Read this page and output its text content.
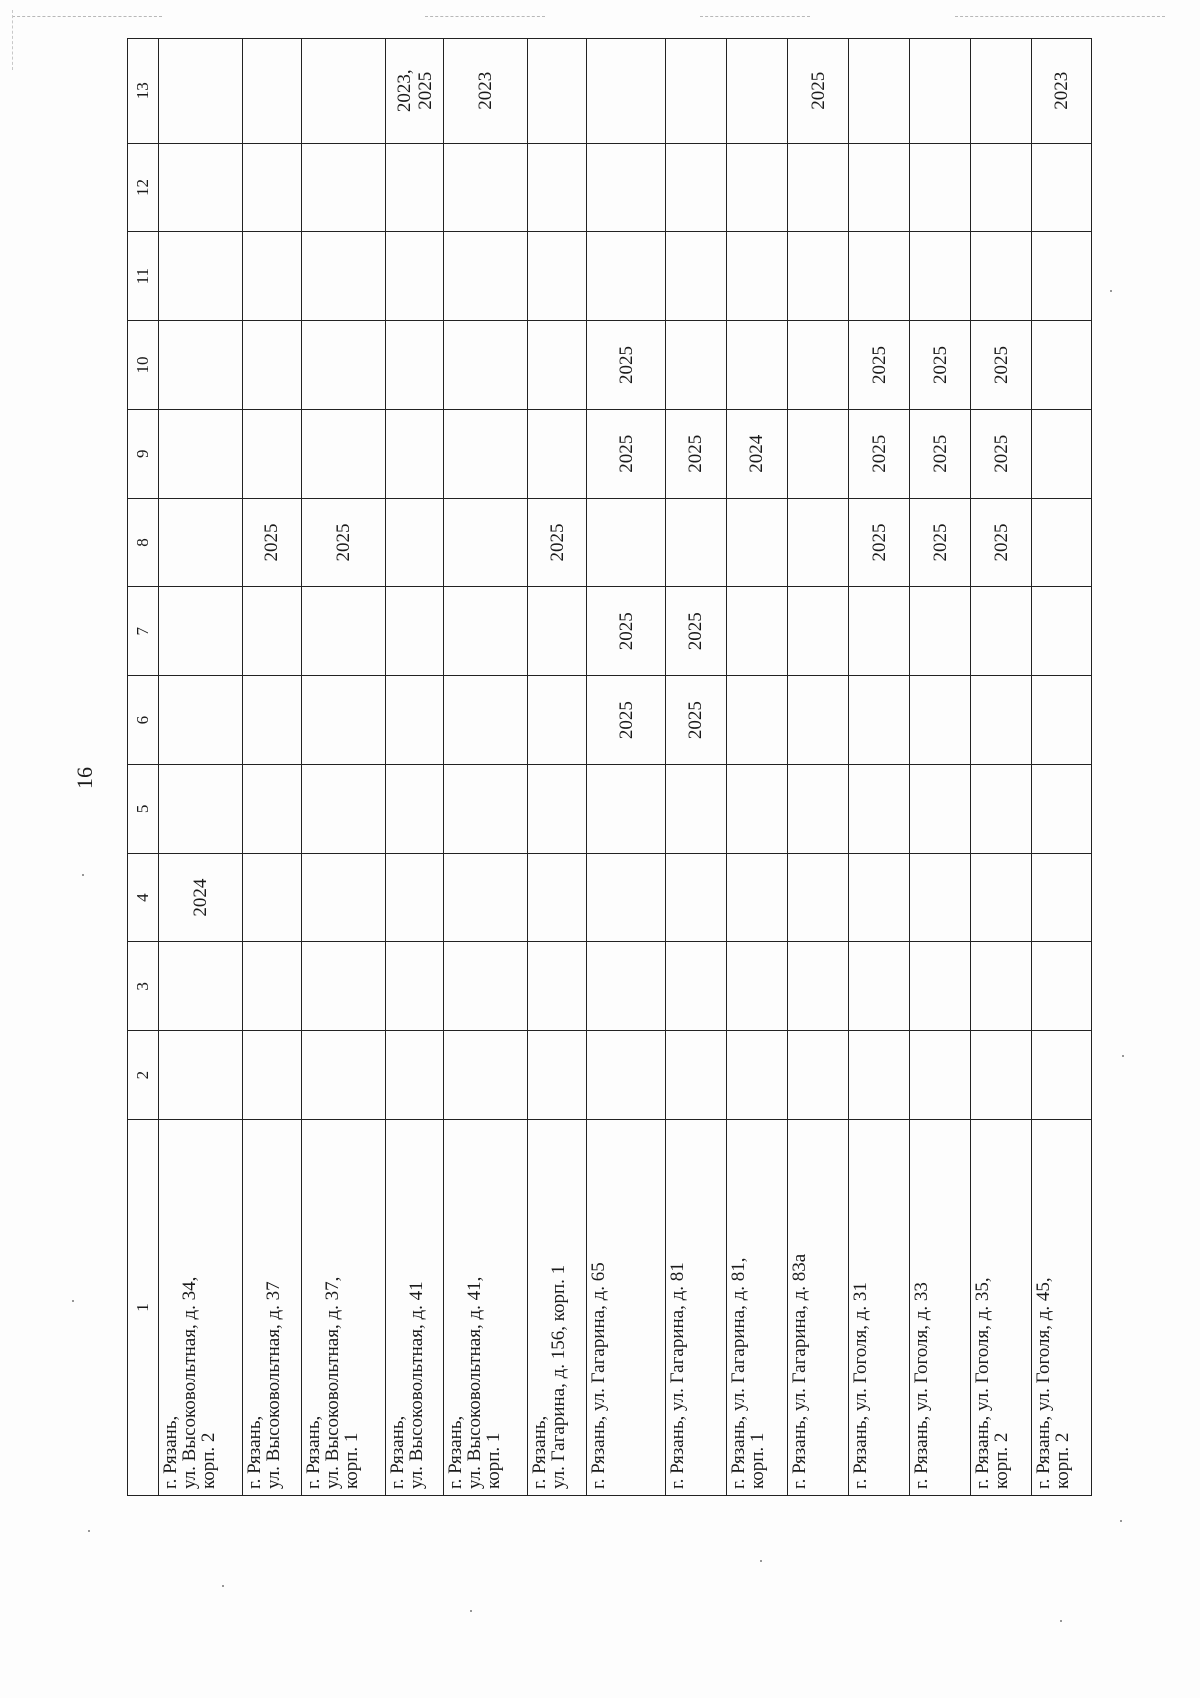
16
1	2	3	4	5	6	7	8	9	10	11	12	13

г. Рязань,
ул. Высоковольтная, д. 34,
корп. 2			2024									

г. Рязань,
ул. Высоковольтная, д. 37							2025					

г. Рязань,
ул. Высоковольтная, д. 37,
корп. 1							2025					

г. Рязань,
ул. Высоковольтная, д. 41												2023, 2025

г. Рязань,
ул. Высоковольтная, д. 41,
корп. 1												2023

г. Рязань,
ул. Гагарина, д. 156, корп. 1							2025					

г. Рязань, ул. Гагарина, д. 65					2025	2025		2025	2025			

г. Рязань, ул. Гагарина, д. 81					2025	2025		2025				

г. Рязань, ул. Гагарина, д. 81,
корп. 1								2024				

г. Рязань, ул. Гагарина, д. 83а												2025

г. Рязань, ул. Гоголя, д. 31							2025	2025	2025			

г. Рязань, ул. Гоголя, д. 33							2025	2025	2025			

г. Рязань, ул. Гоголя, д. 35,
корп. 2							2025	2025	2025			

г. Рязань, ул. Гоголя, д. 45,
корп. 2												2023
